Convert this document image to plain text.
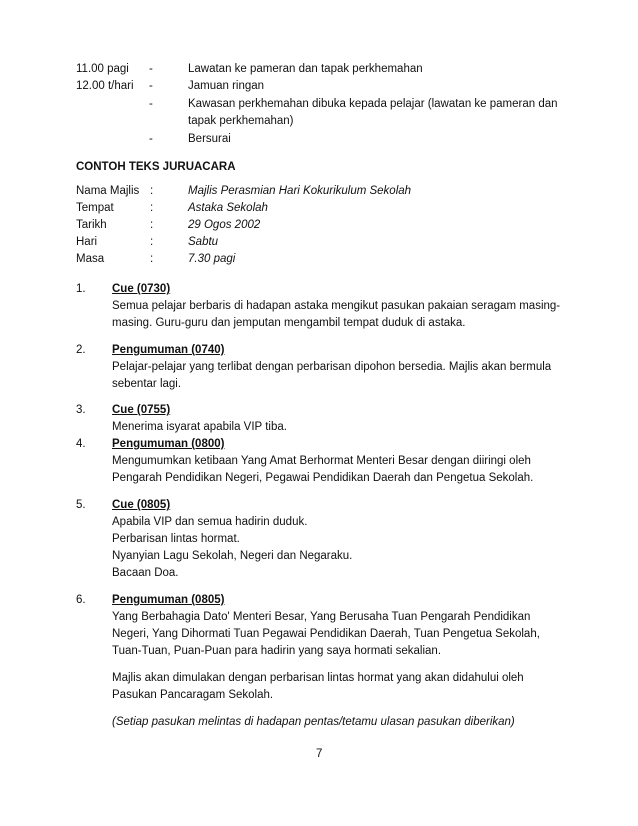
11.00 pagi -	Lawatan ke pameran dan tapak perkhemahan
12.00 t/hari -	Jamuan ringan
-	Kawasan perkhemahan dibuka kepada pelajar (lawatan ke pameran dan
tapak perkhemahan)
-	Bersurai
CONTOH TEKS JURUACARA
Nama Majlis :	Majlis Perasmian Hari Kokurikulum Sekolah
Tempat	:	Astaka Sekolah
Tarikh	:	29 Ogos 2002
Hari	:	Sabtu
Masa	:	7.30 pagi
1. Cue (0730)
Semua pelajar berbaris di hadapan astaka mengikut pasukan pakaian seragam masing-
masing. Guru-guru dan jemputan mengambil tempat duduk di astaka.
2. Pengumuman (0740)
Pelajar-pelajar yang terlibat dengan perbarisan dipohon bersedia. Majlis akan bermula
sebentar lagi.
3. Cue (0755)
Menerima isyarat apabila VIP tiba.
4. Pengumuman (0800)
Mengumumkan ketibaan Yang Amat Berhormat Menteri Besar dengan diiringi oleh
Pengarah Pendidikan Negeri, Pegawai Pendidikan Daerah dan Pengetua Sekolah.
5. Cue (0805)
Apabila VIP dan semua hadirin duduk.
Perbarisan lintas hormat.
Nyanyian Lagu Sekolah, Negeri dan Negaraku.
Bacaan Doa.
6. Pengumuman (0805)
Yang Berbahagia Dato' Menteri Besar, Yang Berusaha Tuan Pengarah Pendidikan
Negeri, Yang Dihormati Tuan Pegawai Pendidikan Daerah, Tuan Pengetua Sekolah,
Tuan-Tuan, Puan-Puan para hadirin yang saya hormati sekalian.
Majlis akan dimulakan dengan perbarisan lintas hormat yang akan didahului oleh
Pasukan Pancaragam Sekolah.
(Setiap pasukan melintas di hadapan pentas/tetamu ulasan pasukan diberikan)
7
